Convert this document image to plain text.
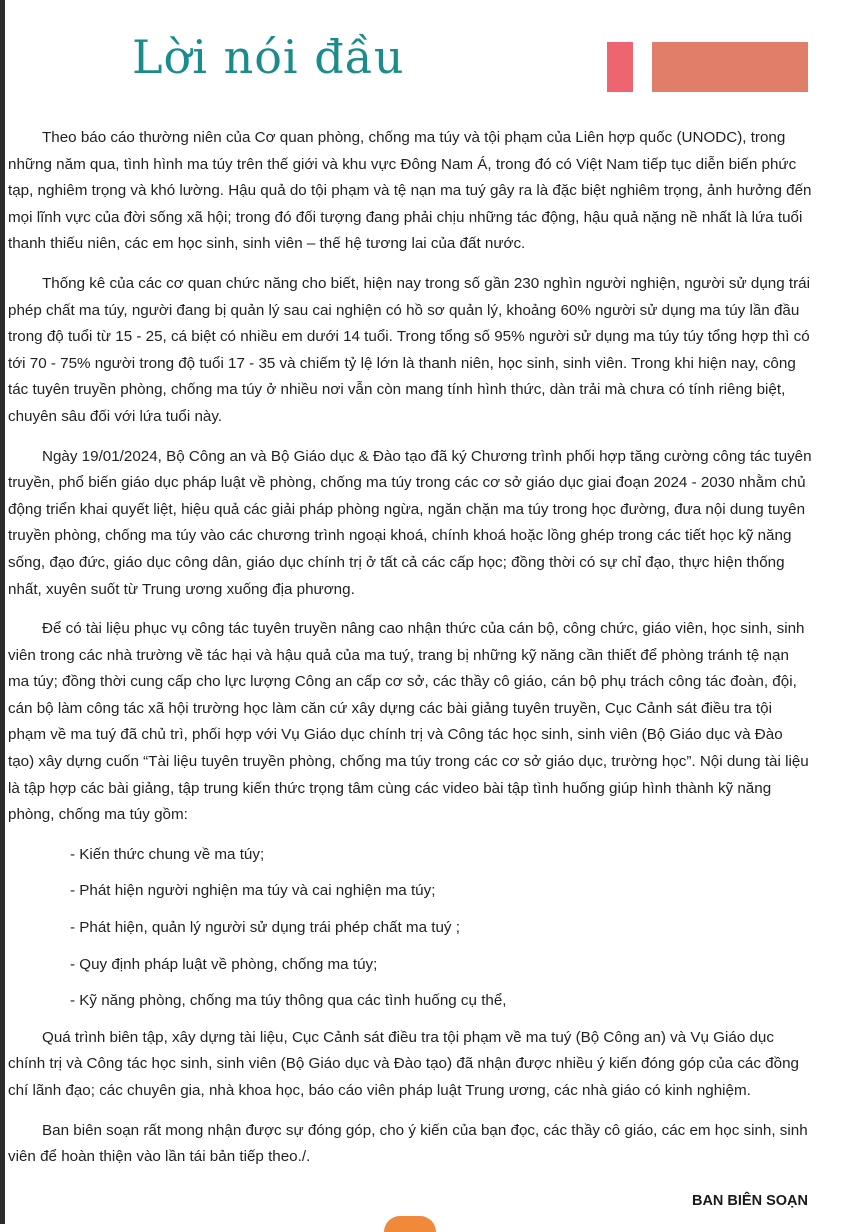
Lời nói đầu

Theo báo cáo thường niên của Cơ quan phòng, chống ma túy và tội phạm của Liên hợp quốc (UNODC), trong những năm qua, tình hình ma túy trên thế giới và khu vực Đông Nam Á, trong đó có Việt Nam tiếp tục diễn biến phức tạp, nghiêm trọng và khó lường. Hậu quả do tội phạm và tệ nạn ma tuý gây ra là đặc biệt nghiêm trọng, ảnh hưởng đến mọi lĩnh vực của đời sống xã hội; trong đó đối tượng đang phải chịu những tác động, hậu quả nặng nề nhất là lứa tuổi thanh thiếu niên, các em học sinh, sinh viên – thế hệ tương lai của đất nước.

Thống kê của các cơ quan chức năng cho biết, hiện nay trong số gần 230 nghìn người nghiện, người sử dụng trái phép chất ma túy, người đang bị quản lý sau cai nghiện có hồ sơ quản lý, khoảng 60% người sử dụng ma túy lần đầu trong độ tuổi từ 15 - 25, cá biệt có nhiều em dưới 14 tuổi. Trong tổng số 95% người sử dụng ma túy túy tổng hợp thì có tới 70 - 75% người trong độ tuổi 17 - 35 và chiếm tỷ lệ lớn là thanh niên, học sinh, sinh viên. Trong khi hiện nay, công tác tuyên truyền phòng, chống ma túy ở nhiều nơi vẫn còn mang tính hình thức, dàn trải mà chưa có tính riêng biệt, chuyên sâu đối với lứa tuổi này.

Ngày 19/01/2024, Bộ Công an và Bộ Giáo dục & Đào tạo đã ký Chương trình phối hợp tăng cường công tác tuyên truyền, phổ biến giáo dục pháp luật về phòng, chống ma túy trong các cơ sở giáo dục giai đoạn 2024 - 2030 nhằm chủ động triển khai quyết liệt, hiệu quả các giải pháp phòng ngừa, ngăn chặn ma túy trong học đường, đưa nội dung tuyên truyền phòng, chống ma túy vào các chương trình ngoại khoá, chính khoá hoặc lồng ghép trong các tiết học kỹ năng sống, đạo đức, giáo dục công dân, giáo dục chính trị ở tất cả các cấp học; đồng thời có sự chỉ đạo, thực hiện thống nhất, xuyên suốt từ Trung ương xuống địa phương.

Để có tài liệu phục vụ công tác tuyên truyền nâng cao nhận thức của cán bộ, công chức, giáo viên, học sinh, sinh viên trong các nhà trường về tác hại và hậu quả của ma tuý, trang bị những kỹ năng cần thiết để phòng tránh tệ nạn ma túy; đồng thời cung cấp cho lực lượng Công an cấp cơ sở, các thầy cô giáo, cán bộ phụ trách công tác đoàn, đội, cán bộ làm công tác xã hội trường học làm căn cứ xây dựng các bài giảng tuyên truyền, Cục Cảnh sát điều tra tội phạm về ma tuý đã chủ trì, phối hợp với Vụ Giáo dục chính trị và Công tác học sinh, sinh viên (Bộ Giáo dục và Đào tạo) xây dựng cuốn “Tài liệu tuyên truyền phòng, chống ma túy trong các cơ sở giáo dục, trường học”. Nội dung tài liệu là tập hợp các bài giảng, tập trung kiến thức trọng tâm cùng các video bài tập tình huống giúp hình thành kỹ năng phòng, chống ma túy gồm:

- Kiến thức chung về ma túy;

- Phát hiện người nghiện ma túy và cai nghiện ma túy;

- Phát hiện, quản lý người sử dụng trái phép chất ma tuý ;

- Quy định pháp luật về phòng, chống ma túy;

- Kỹ năng phòng, chống ma túy thông qua các tình huống cụ thể,

Quá trình biên tập, xây dựng tài liệu, Cục Cảnh sát điều tra tội phạm về ma tuý (Bộ Công an) và Vụ Giáo dục chính trị và Công tác học sinh, sinh viên (Bộ Giáo dục và Đào tạo) đã nhận được nhiều ý kiến đóng góp của các đồng chí lãnh đạo; các chuyên gia, nhà khoa học, báo cáo viên pháp luật Trung ương, các nhà giáo có kinh nghiệm.

Ban biên soạn rất mong nhận được sự đóng góp, cho ý kiến của bạn đọc, các thầy cô giáo, các em học sinh, sinh viên để hoàn thiện vào lần tái bản tiếp theo./.

BAN BIÊN SOẠN
